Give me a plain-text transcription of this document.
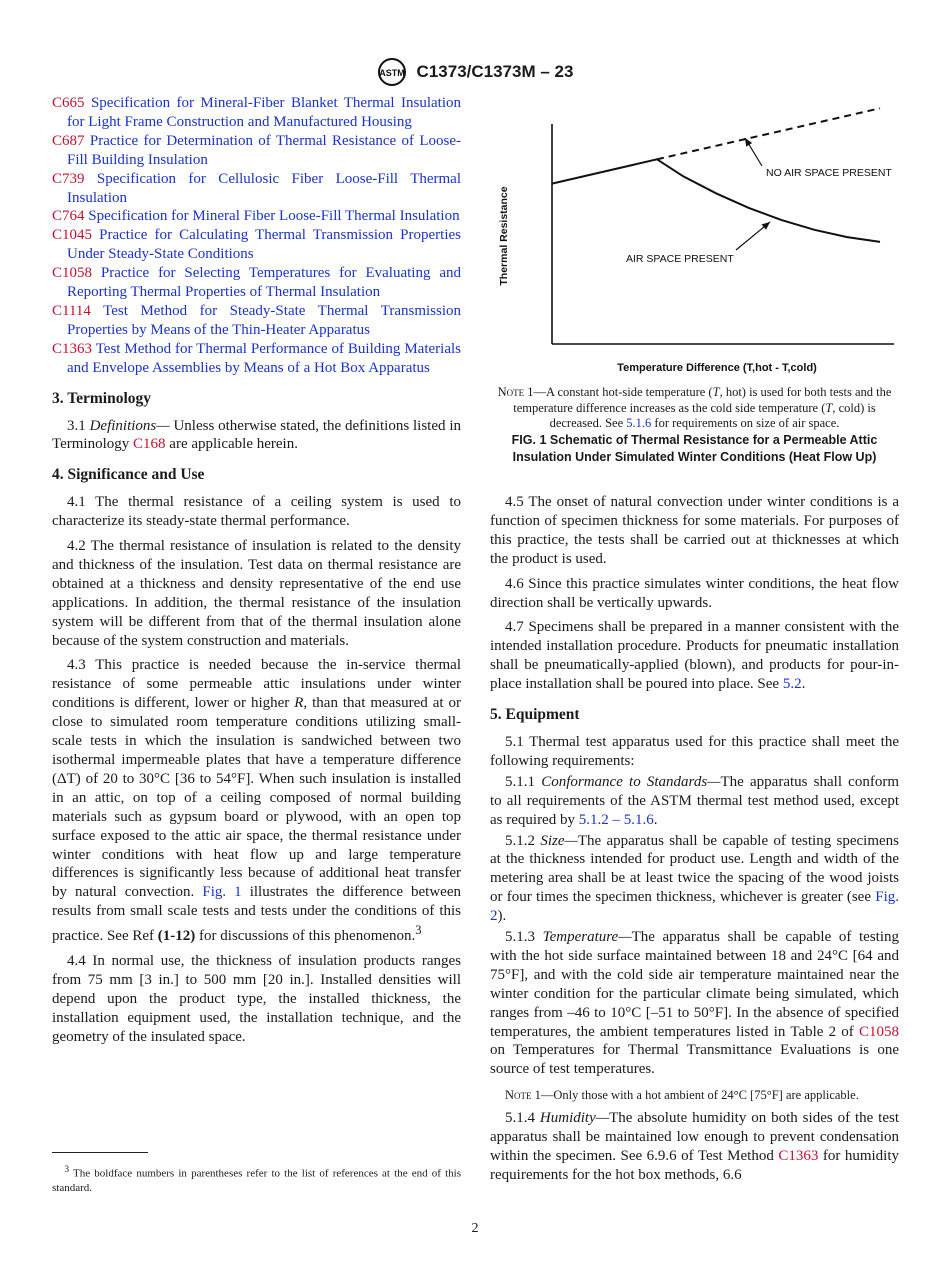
ASTM C1373/C1373M – 23
C665 Specification for Mineral-Fiber Blanket Thermal Insulation for Light Frame Construction and Manufactured Housing
C687 Practice for Determination of Thermal Resistance of Loose-Fill Building Insulation
C739 Specification for Cellulosic Fiber Loose-Fill Thermal Insulation
C764 Specification for Mineral Fiber Loose-Fill Thermal Insulation
C1045 Practice for Calculating Thermal Transmission Properties Under Steady-State Conditions
C1058 Practice for Selecting Temperatures for Evaluating and Reporting Thermal Properties of Thermal Insulation
C1114 Test Method for Steady-State Thermal Transmission Properties by Means of the Thin-Heater Apparatus
C1363 Test Method for Thermal Performance of Building Materials and Envelope Assemblies by Means of a Hot Box Apparatus
3. Terminology

3.1 Definitions— Unless otherwise stated, the definitions listed in Terminology C168 are applicable herein.

4. Significance and Use

4.1 The thermal resistance of a ceiling system is used to characterize its steady-state thermal performance.

4.2 The thermal resistance of insulation is related to the density and thickness of the insulation. Test data on thermal resistance are obtained at a thickness and density representative of the end use applications. In addition, the thermal resistance of the insulation system will be different from that of the thermal insulation alone because of the system construction and materials.

4.3 This practice is needed because the in-service thermal resistance of some permeable attic insulations under winter conditions is different, lower or higher R, than that measured at or close to simulated room temperature conditions utilizing small-scale tests in which the insulation is sandwiched between two isothermal impermeable plates that have a temperature difference (ΔT) of 20 to 30°C [36 to 54°F]. When such insulation is installed in an attic, on top of a ceiling composed of normal building materials such as gypsum board or plywood, with an open top surface exposed to the attic air space, the thermal resistance under winter conditions with heat flow up and large temperature differences is significantly less because of additional heat transfer by natural convection. Fig. 1 illustrates the difference between results from small scale tests and tests under the conditions of this practice. See Ref (1-12) for discussions of this phenomenon.$^3$

4.4 In normal use, the thickness of insulation products ranges from 75 mm [3 in.] to 500 mm [20 in.]. Installed densities will depend upon the product type, the installed thickness, the installation equipment used, the installation technique, and the geometry of the insulated space.

$^3$ The boldface numbers in parentheses refer to the list of references at the end of this standard.
Thermal Resistance
Temperature Difference (T,hot - T,cold)
NO AIR SPACE PRESENT
AIR SPACE PRESENT
Note 1—A constant hot-side temperature (T, hot) is used for both tests and the temperature difference increases as the cold side temperature (T, cold) is decreased. See 5.1.6 for requirements on size of air space.
FIG. 1 Schematic of Thermal Resistance for a Permeable Attic Insulation Under Simulated Winter Conditions (Heat Flow Up)

4.5 The onset of natural convection under winter conditions is a function of specimen thickness for some materials. For purposes of this practice, the tests shall be carried out at thicknesses at which the product is used.

4.6 Since this practice simulates winter conditions, the heat flow direction shall be vertically upwards.

4.7 Specimens shall be prepared in a manner consistent with the intended installation procedure. Products for pneumatic installation shall be pneumatically-applied (blown), and products for pour-in-place installation shall be poured into place. See 5.2.

5. Equipment

5.1 Thermal test apparatus used for this practice shall meet the following requirements:

5.1.1 Conformance to Standards—The apparatus shall conform to all requirements of the ASTM thermal test method used, except as required by 5.1.2 – 5.1.6.

5.1.2 Size—The apparatus shall be capable of testing specimens at the thickness intended for product use. Length and width of the metering area shall be at least twice the spacing of the wood joists or four times the specimen thickness, whichever is greater (see Fig. 2).

5.1.3 Temperature—The apparatus shall be capable of testing with the hot side surface maintained between 18 and 24°C [64 and 75°F], and with the cold side air temperature maintained near the winter condition for the particular climate being simulated, which ranges from –46 to 10°C [–51 to 50°F]. In the absence of specified temperatures, the ambient temperatures listed in Table 2 of C1058 on Temperatures for Thermal Transmittance Evaluations is one source of test temperatures.

Note 1—Only those with a hot ambient of 24°C [75°F] are applicable.

5.1.4 Humidity—The absolute humidity on both sides of the test apparatus shall be maintained low enough to prevent condensation within the specimen. See 6.9.6 of Test Method C1363 for humidity requirements for the hot box methods, 6.6

2
